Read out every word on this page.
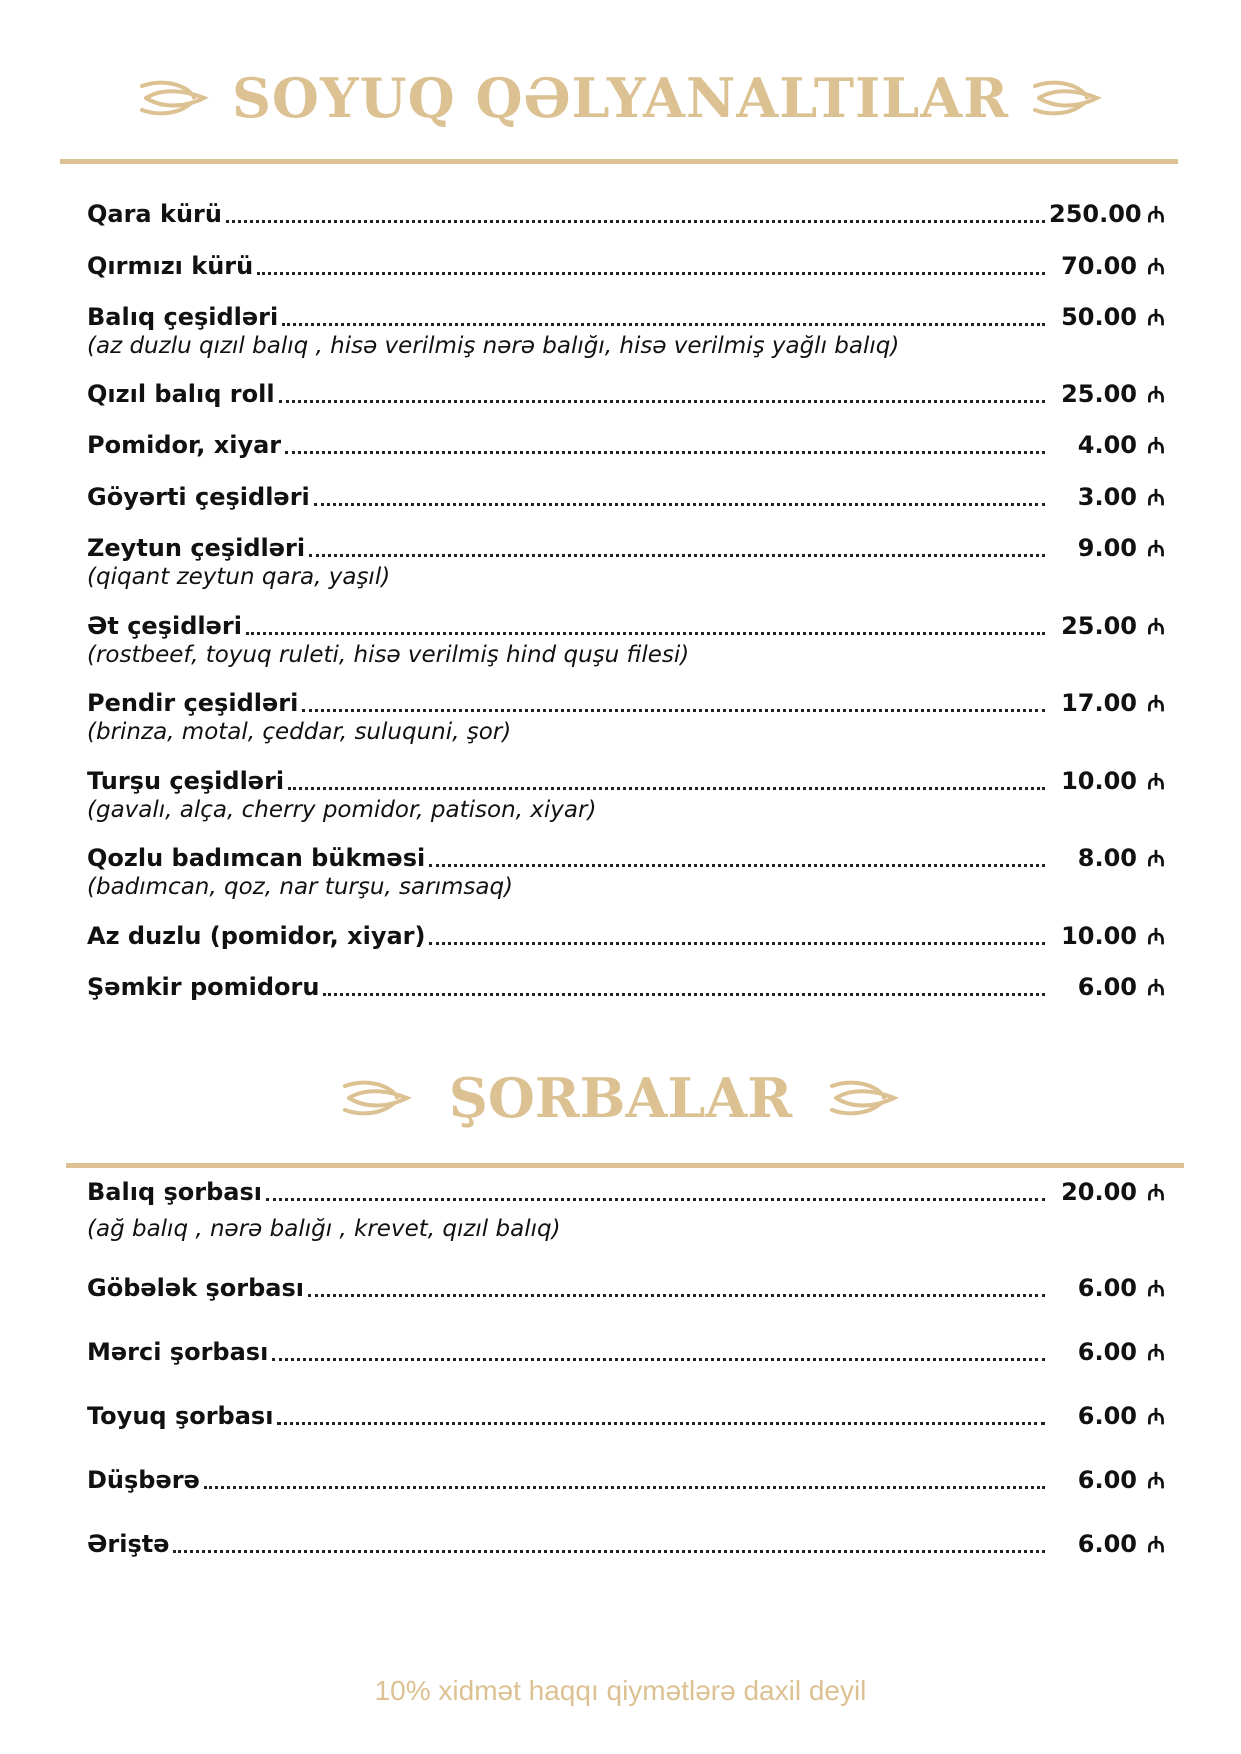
SOYUQ QƏLYANALTILAR
Qara kürü	250.00 ₼
Qırmızı kürü	70.00 ₼
Balıq çeşidləri	50.00 ₼
(az duzlu qızıl balıq , hisə verilmiş nərə balığı, hisə verilmiş yağlı balıq)
Qızıl balıq roll	25.00 ₼
Pomidor, xiyar	4.00 ₼
Göyərti çeşidləri	3.00 ₼
Zeytun çeşidləri	9.00 ₼
(qiqant zeytun qara, yaşıl)
Ət çeşidləri	25.00 ₼
(rostbeef, toyuq ruleti, hisə verilmiş hind quşu filesi)
Pendir çeşidləri	17.00 ₼
(brinza, motal, çeddar, suluquni, şor)
Turşu çeşidləri	10.00 ₼
(gavalı, alça, cherry pomidor, patison, xiyar)
Qozlu badımcan bükməsi	8.00 ₼
(badımcan, qoz, nar turşu, sarımsaq)
Az duzlu (pomidor, xiyar)	10.00 ₼
Şəmkir pomidoru	6.00 ₼
ŞORBALAR
Balıq şorbası	20.00 ₼
(ağ balıq , nərə balığı , krevet, qızıl balıq)
Göbələk şorbası	6.00 ₼
Mərci şorbası	6.00 ₼
Toyuq şorbası	6.00 ₼
Düşbərə	6.00 ₼
Əriştə	6.00 ₼
10% xidmət haqqı qiymətlərə daxil deyil
